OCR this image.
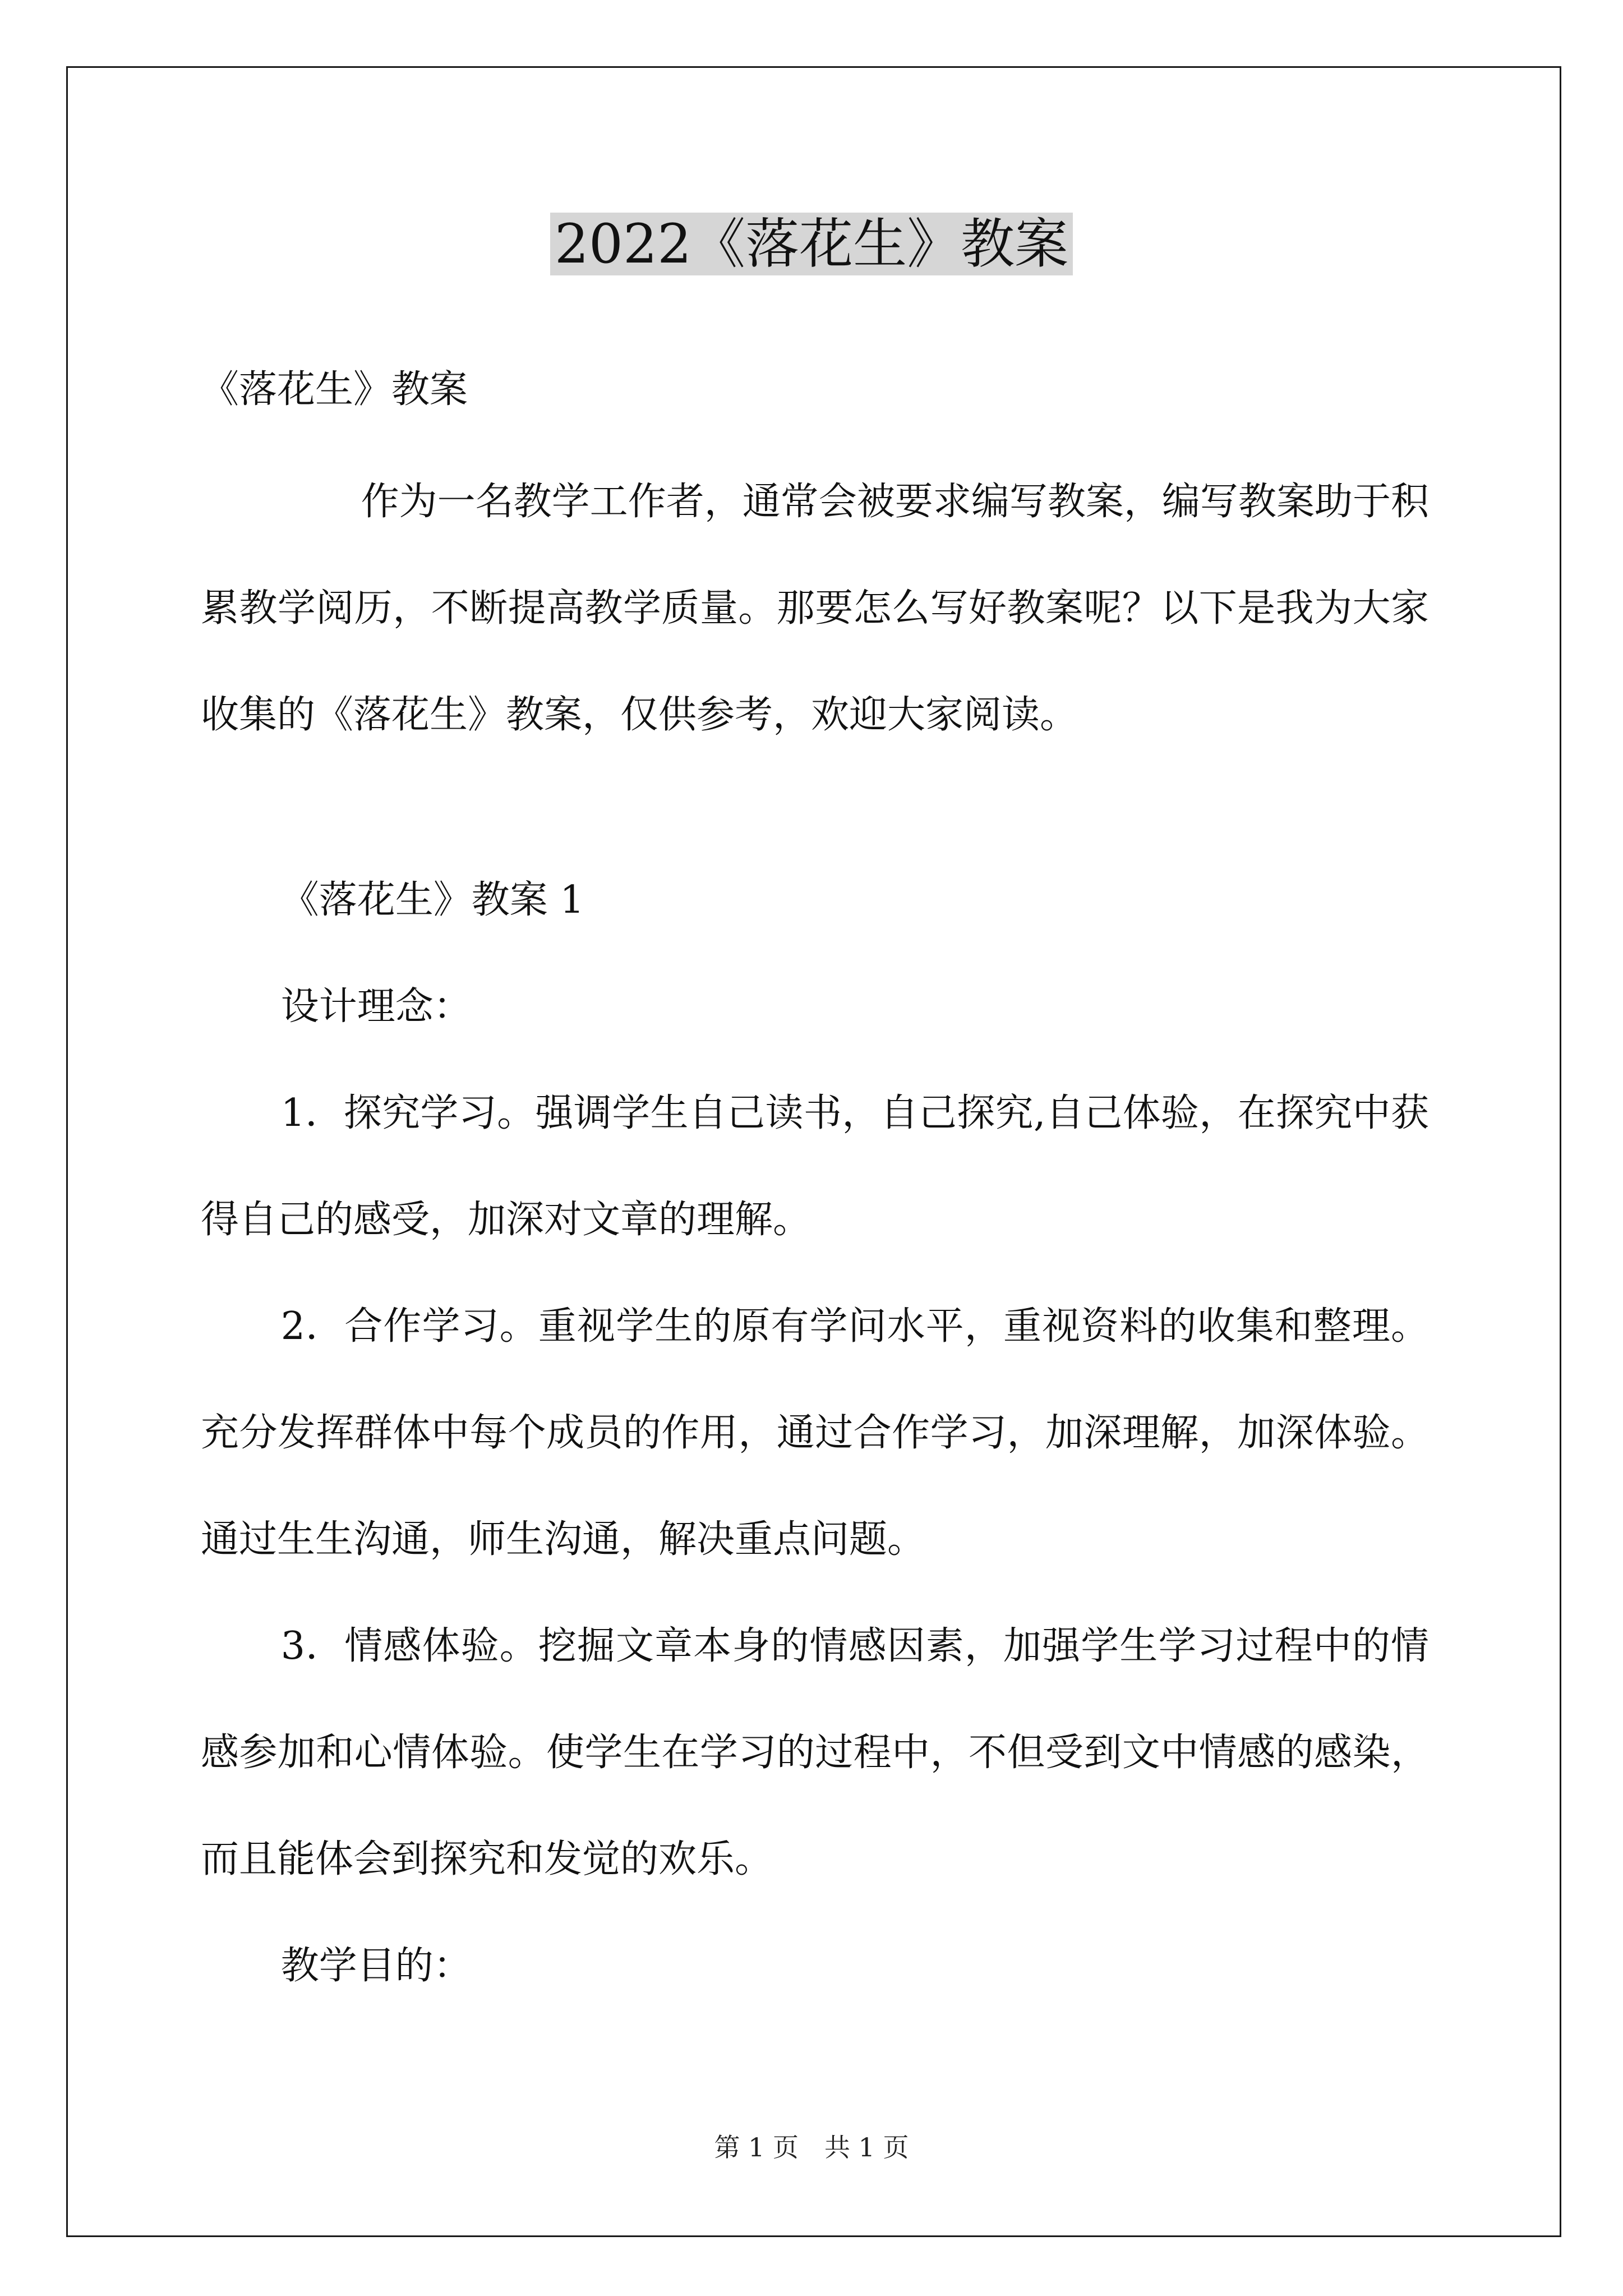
2022《落花生》教案

《落花生》教案

作为一名教学工作者，通常会被要求编写教案，编写教案助于积累教学阅历，不断提高教学质量。那要怎么写好教案呢？以下是我为大家收集的《落花生》教案，仅供参考，欢迎大家阅读。

《落花生》教案 1

设计理念：

1．探究学习。强调学生自己读书，自己探究,自己体验，在探究中获得自己的感受，加深对文章的理解。

2．合作学习。重视学生的原有学问水平，重视资料的收集和整理。充分发挥群体中每个成员的作用，通过合作学习，加深理解，加深体验。通过生生沟通，师生沟通，解决重点问题。

3．情感体验。挖掘文章本身的情感因素，加强学生学习过程中的情感参加和心情体验。使学生在学习的过程中，不但受到文中情感的感染，而且能体会到探究和发觉的欢乐。

教学目的：

第 1 页　共 1 页
